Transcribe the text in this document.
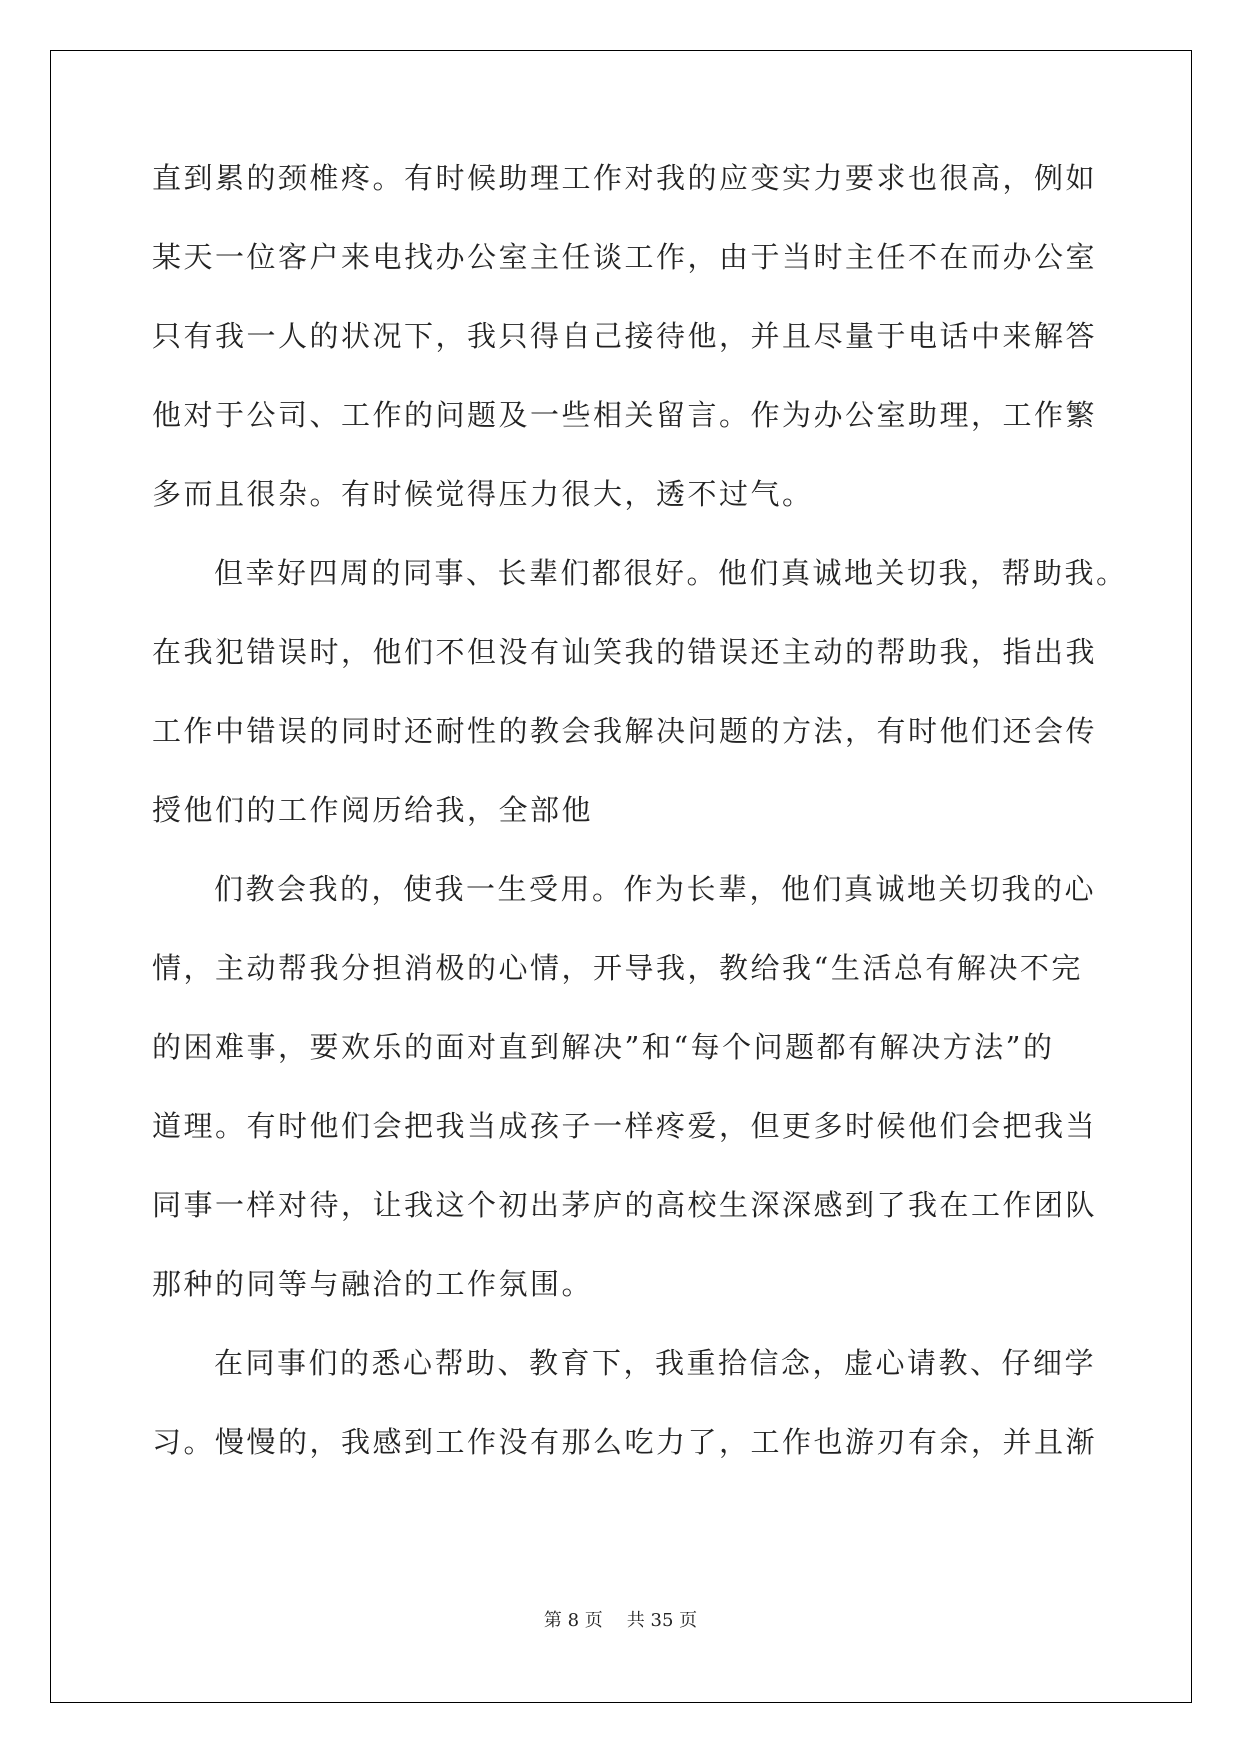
直到累的颈椎疼。有时候助理工作对我的应变实力要求也很高，例如
某天一位客户来电找办公室主任谈工作，由于当时主任不在而办公室
只有我一人的状况下，我只得自己接待他，并且尽量于电话中来解答
他对于公司、工作的问题及一些相关留言。作为办公室助理，工作繁
多而且很杂。有时候觉得压力很大，透不过气。
但幸好四周的同事、长辈们都很好。他们真诚地关切我，帮助我。
在我犯错误时，他们不但没有讪笑我的错误还主动的帮助我，指出我
工作中错误的同时还耐性的教会我解决问题的方法，有时他们还会传
授他们的工作阅历给我，全部他
们教会我的，使我一生受用。作为长辈，他们真诚地关切我的心
情，主动帮我分担消极的心情，开导我，教给我“生活总有解决不完
的困难事，要欢乐的面对直到解决”和“每个问题都有解决方法”的
道理。有时他们会把我当成孩子一样疼爱，但更多时候他们会把我当
同事一样对待，让我这个初出茅庐的高校生深深感到了我在工作团队
那种的同等与融洽的工作氛围。
在同事们的悉心帮助、教育下，我重拾信念，虚心请教、仔细学
习。慢慢的，我感到工作没有那么吃力了，工作也游刃有余，并且渐
第 8 页 共 35 页
